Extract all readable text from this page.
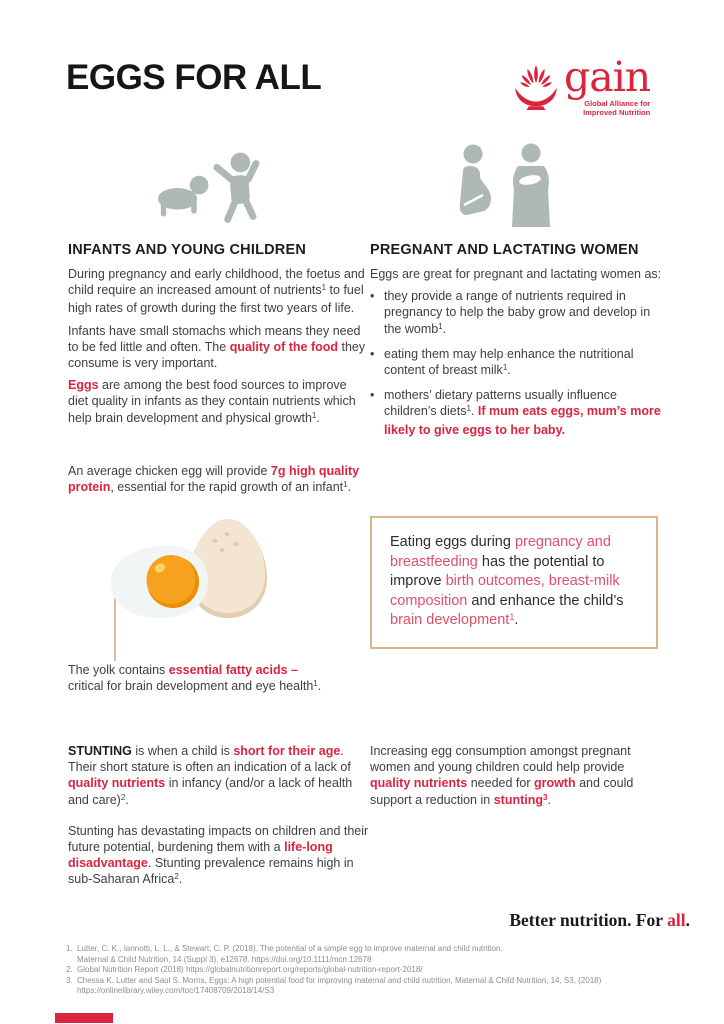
EGGS FOR ALL	gain
Global Alliance for
Improved Nutrition
INFANTS AND YOUNG CHILDREN	PREGNANT AND LACTATING WOMEN

During pregnancy and early childhood, the foetus and child require an increased amount of nutrients$^1$ to fuel high rates of growth during the first two years of life.

Infants have small stomachs which means they need to be fed little and often. The quality of the food they consume is very important.

Eggs are among the best food sources to improve diet quality in infants as they contain nutrients which help brain development and physical growth$^1$.

Eggs are great for pregnant and lactating women as:

• they provide a range of nutrients required in pregnancy to help the baby grow and develop in the womb$^1$.
• eating them may help enhance the nutritional content of breast milk$^1$.
• mothers’ dietary patterns usually influence children’s diets$^1$. If mum eats eggs, mum’s more likely to give eggs to her baby.
An average chicken egg will provide 7g high quality protein, essential for the rapid growth of an infant$^1$.
The yolk contains essential fatty acids –
critical for brain development and eye health$^1$.
Eating eggs during pregnancy and breastfeeding has the potential to improve birth outcomes, breast-milk composition and enhance the child’s brain development$^1$.

STUNTING is when a child is short for their age. Their short stature is often an indication of a lack of quality nutrients in infancy (and/or a lack of health and care)$^2$.

Stunting has devastating impacts on children and their future potential, burdening them with a life-long disadvantage. Stunting prevalence remains high in sub-Saharan Africa$^2$.

Increasing egg consumption amongst pregnant women and young children could help provide quality nutrients needed for growth and could support a reduction in stunting$^3$.

Better nutrition. For all.
1. Lutter, C. K., Iannotti, L. L., & Stewart, C. P. (2018). The potential of a simple egg to improve maternal and child nutrition.
Maternal & Child Nutrition, 14 (Suppl 3), e12678. https://doi.org/10.1111/mcn.12678
2. Global Nutrition Report (2018) https://globalnutritionreport.org/reports/global-nutrition-report-2018/
3. Chessa K. Lutter and Saul S. Morris, Eggs: A high potential food for improving maternal and child nutrition, Maternal & Child Nutrition, 14, S3, (2018)
https://onlinelibrary.wiley.com/toc/17408709/2018/14/S3
